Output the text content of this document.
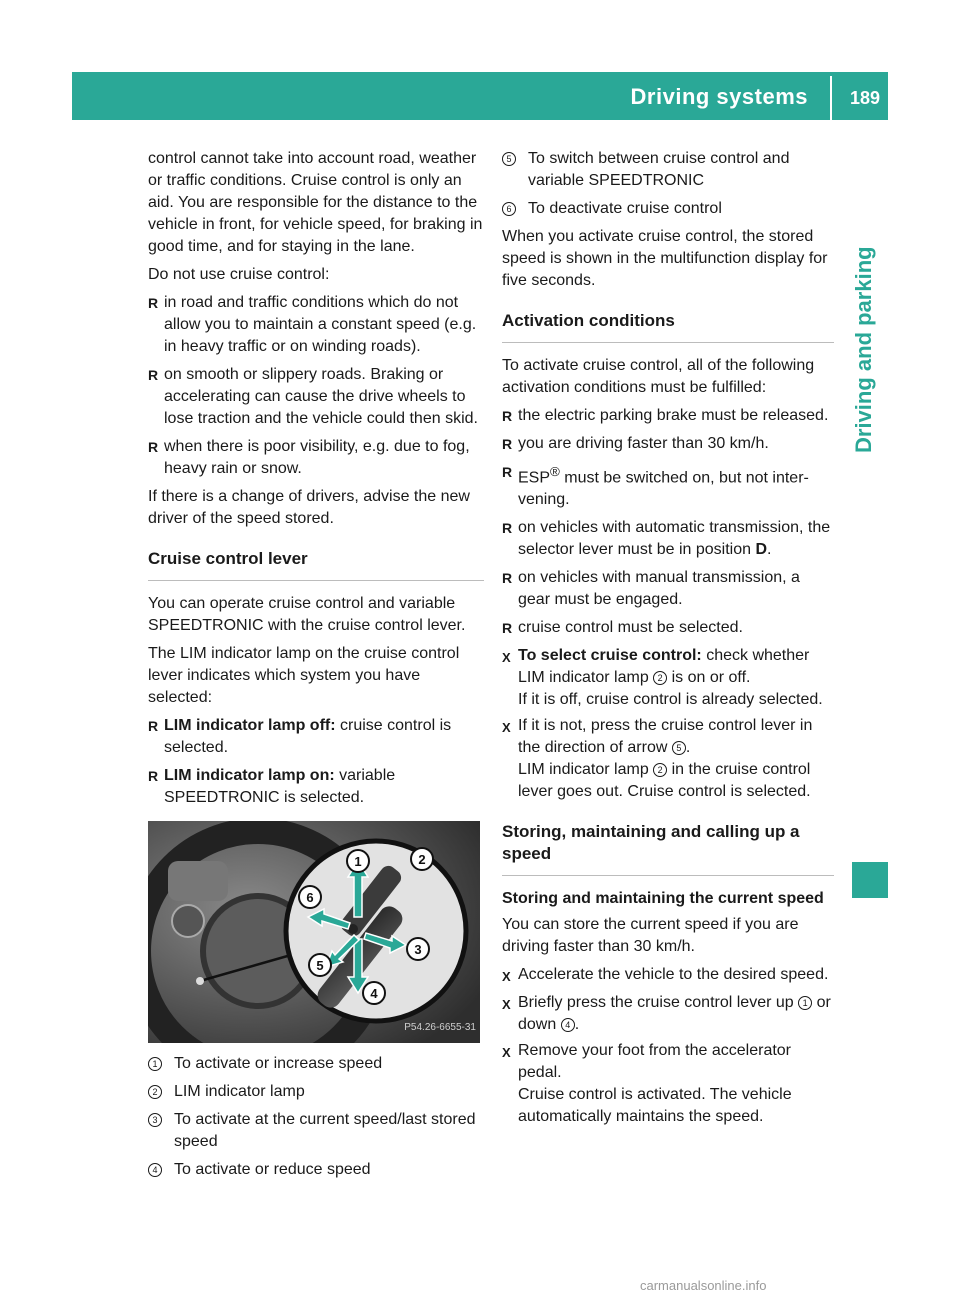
Driving systems 189
Driving and parking

control cannot take into account road, weather or traffic conditions. Cruise control is only an aid. You are responsible for the distance to the vehicle in front, for vehicle speed, for braking in good time, and for staying in the lane.

Do not use cruise control:

R in road and traffic conditions which do not allow you to maintain a constant speed (e.g. in heavy traffic or on winding roads).
R on smooth or slippery roads. Braking or accelerating can cause the drive wheels to lose traction and the vehicle could then skid.
R when there is poor visibility, e.g. due to fog, heavy rain or snow.

If there is a change of drivers, advise the new driver of the speed stored.

Cruise control lever

You can operate cruise control and variable SPEEDTRONIC with the cruise control lever.

The LIM indicator lamp on the cruise control lever indicates which system you have selected:

R LIM indicator lamp off: cruise control is selected.
R LIM indicator lamp on: variable SPEEDTRONIC is selected.
1	2
3
4
5
6
P54.26-6655-31
1	To activate or increase speed
2	LIM indicator lamp
3	To activate at the current speed/last stored speed
4	To activate or reduce speed
5	To switch between cruise control and variable SPEEDTRONIC
6	To deactivate cruise control

When you activate cruise control, the stored speed is shown in the multifunction display for five seconds.

Activation conditions

To activate cruise control, all of the following activation conditions must be fulfilled:

R the electric parking brake must be released.
R you are driving faster than 30 km/h.
R ESP® must be switched on, but not inter-vening.
R on vehicles with automatic transmission, the selector lever must be in position D.
R on vehicles with manual transmission, a gear must be engaged.
R cruise control must be selected.
X To select cruise control: check whether LIM indicator lamp 2 is on or off.
If it is off, cruise control is already selected.
X If it is not, press the cruise control lever in the direction of arrow 5 .
LIM indicator lamp 2 in the cruise control lever goes out. Cruise control is selected.
Storing, maintaining and calling up a speed
Storing and maintaining the current speed

You can store the current speed if you are driving faster than 30 km/h.

X Accelerate the vehicle to the desired speed.
X Briefly press the cruise control lever up 1 or down 4 .
X Remove your foot from the accelerator pedal.
Cruise control is activated. The vehicle automatically maintains the speed.
carmanualsonline.info
